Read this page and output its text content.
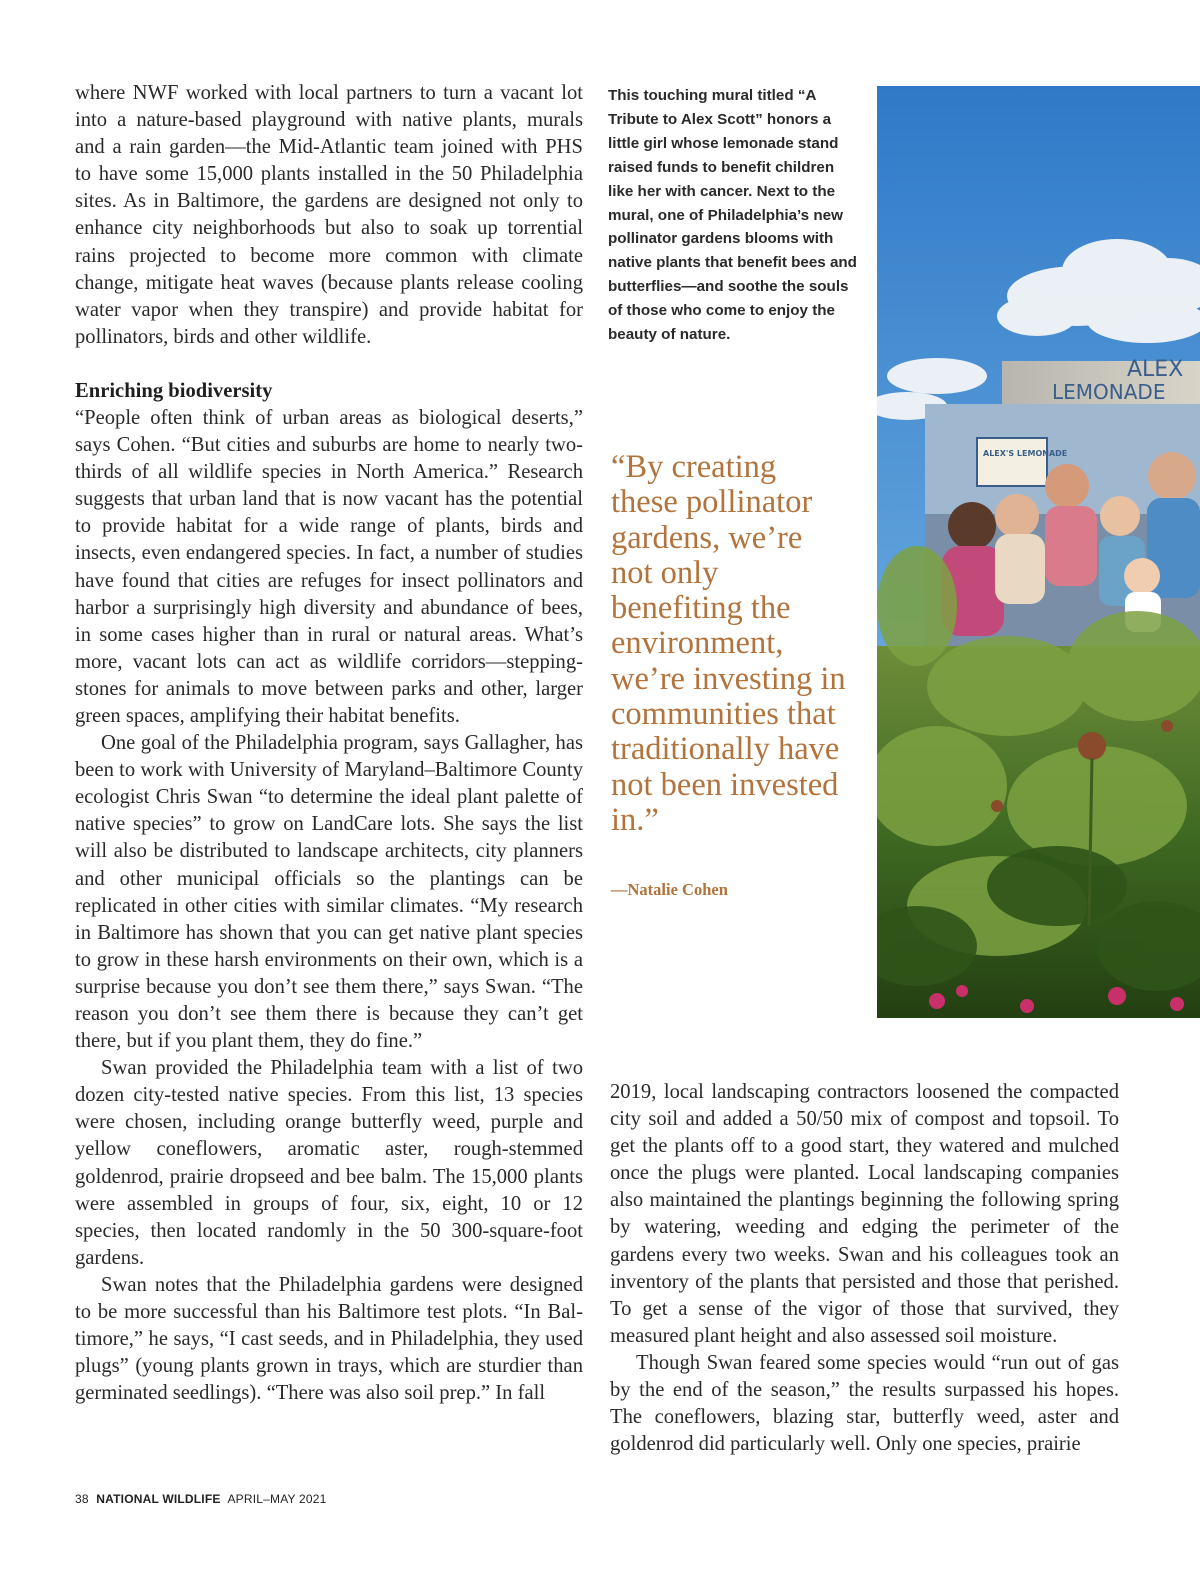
where NWF worked with local partners to turn a vacant lot into a nature-based playground with native plants, murals and a rain garden—the Mid-Atlantic team joined with PHS to have some 15,000 plants installed in the 50 Philadelphia sites. As in Baltimore, the gardens are designed not only to enhance city neighborhoods but also to soak up torrential rains projected to become more common with climate change, mitigate heat waves (because plants release cooling water vapor when they transpire) and provide habitat for pollinators, birds and other wildlife.

Enriching biodiversity

“People often think of urban areas as biological deserts,” says Cohen. “But cities and suburbs are home to nearly two-thirds of all wildlife species in North America.” Research suggests that urban land that is now vacant has the potential to provide habitat for a wide range of plants, birds and insects, even endangered species. In fact, a number of studies have found that cities are refuges for insect pollinators and harbor a surprisingly high diversity and abundance of bees, in some cases higher than in rural or natural areas. What’s more, vacant lots can act as wildlife corridors—stepping-stones for animals to move between parks and other, larger green spaces, amplifying their habitat benefits.

One goal of the Philadelphia program, says Gallagher, has been to work with University of Maryland–Baltimore County ecologist Chris Swan “to determine the ideal plant palette of native species” to grow on LandCare lots. She says the list will also be distributed to landscape architects, city planners and other municipal officials so the plantings can be replicated in other cities with similar climates. “My research in Baltimore has shown that you can get native plant species to grow in these harsh environments on their own, which is a surprise because you don’t see them there,” says Swan. “The reason you don’t see them there is because they can’t get there, but if you plant them, they do fine.”

Swan provided the Philadelphia team with a list of two dozen city-tested native species. From this list, 13 species were chosen, including orange butterfly weed, purple and yellow coneflowers, aromatic aster, rough-stemmed goldenrod, prairie dropseed and bee balm. The 15,000 plants were assembled in groups of four, six, eight, 10 or 12 species, then located randomly in the 50 300-square-foot gardens.

Swan notes that the Philadelphia gardens were designed to be more successful than his Baltimore test plots. “In Baltimore,” he says, “I cast seeds, and in Philadelphia, they used plugs” (young plants grown in trays, which are sturdier than germinated seedlings). “There was also soil prep.” In fall

This touching mural titled “A Tribute to Alex Scott” honors a little girl whose lemonade stand raised funds to benefit children like her with cancer. Next to the mural, one of Philadelphia’s new pollinator gardens blooms with native plants that benefit bees and butterflies—and soothe the souls of those who come to enjoy the beauty of nature.
“By creating these pollinator gardens, we’re not only benefiting the environment, we’re investing in communities that traditionally have not been invested in.”
—Natalie Cohen
ALEX
LEMONADE
ALEX'S LEMONADE

2019, local landscaping contractors loosened the compacted city soil and added a 50/50 mix of compost and topsoil. To get the plants off to a good start, they watered and mulched once the plugs were planted. Local landscaping companies also maintained the plantings beginning the following spring by watering, weeding and edging the perimeter of the gardens every two weeks. Swan and his colleagues took an inventory of the plants that persisted and those that perished. To get a sense of the vigor of those that survived, they measured plant height and also assessed soil moisture.

Though Swan feared some species would “run out of gas by the end of the season,” the results surpassed his hopes. The coneflowers, blazing star, butterfly weed, aster and goldenrod did particularly well. Only one species, prairie

38 NATIONAL WILDLIFE APRIL–MAY 2021
